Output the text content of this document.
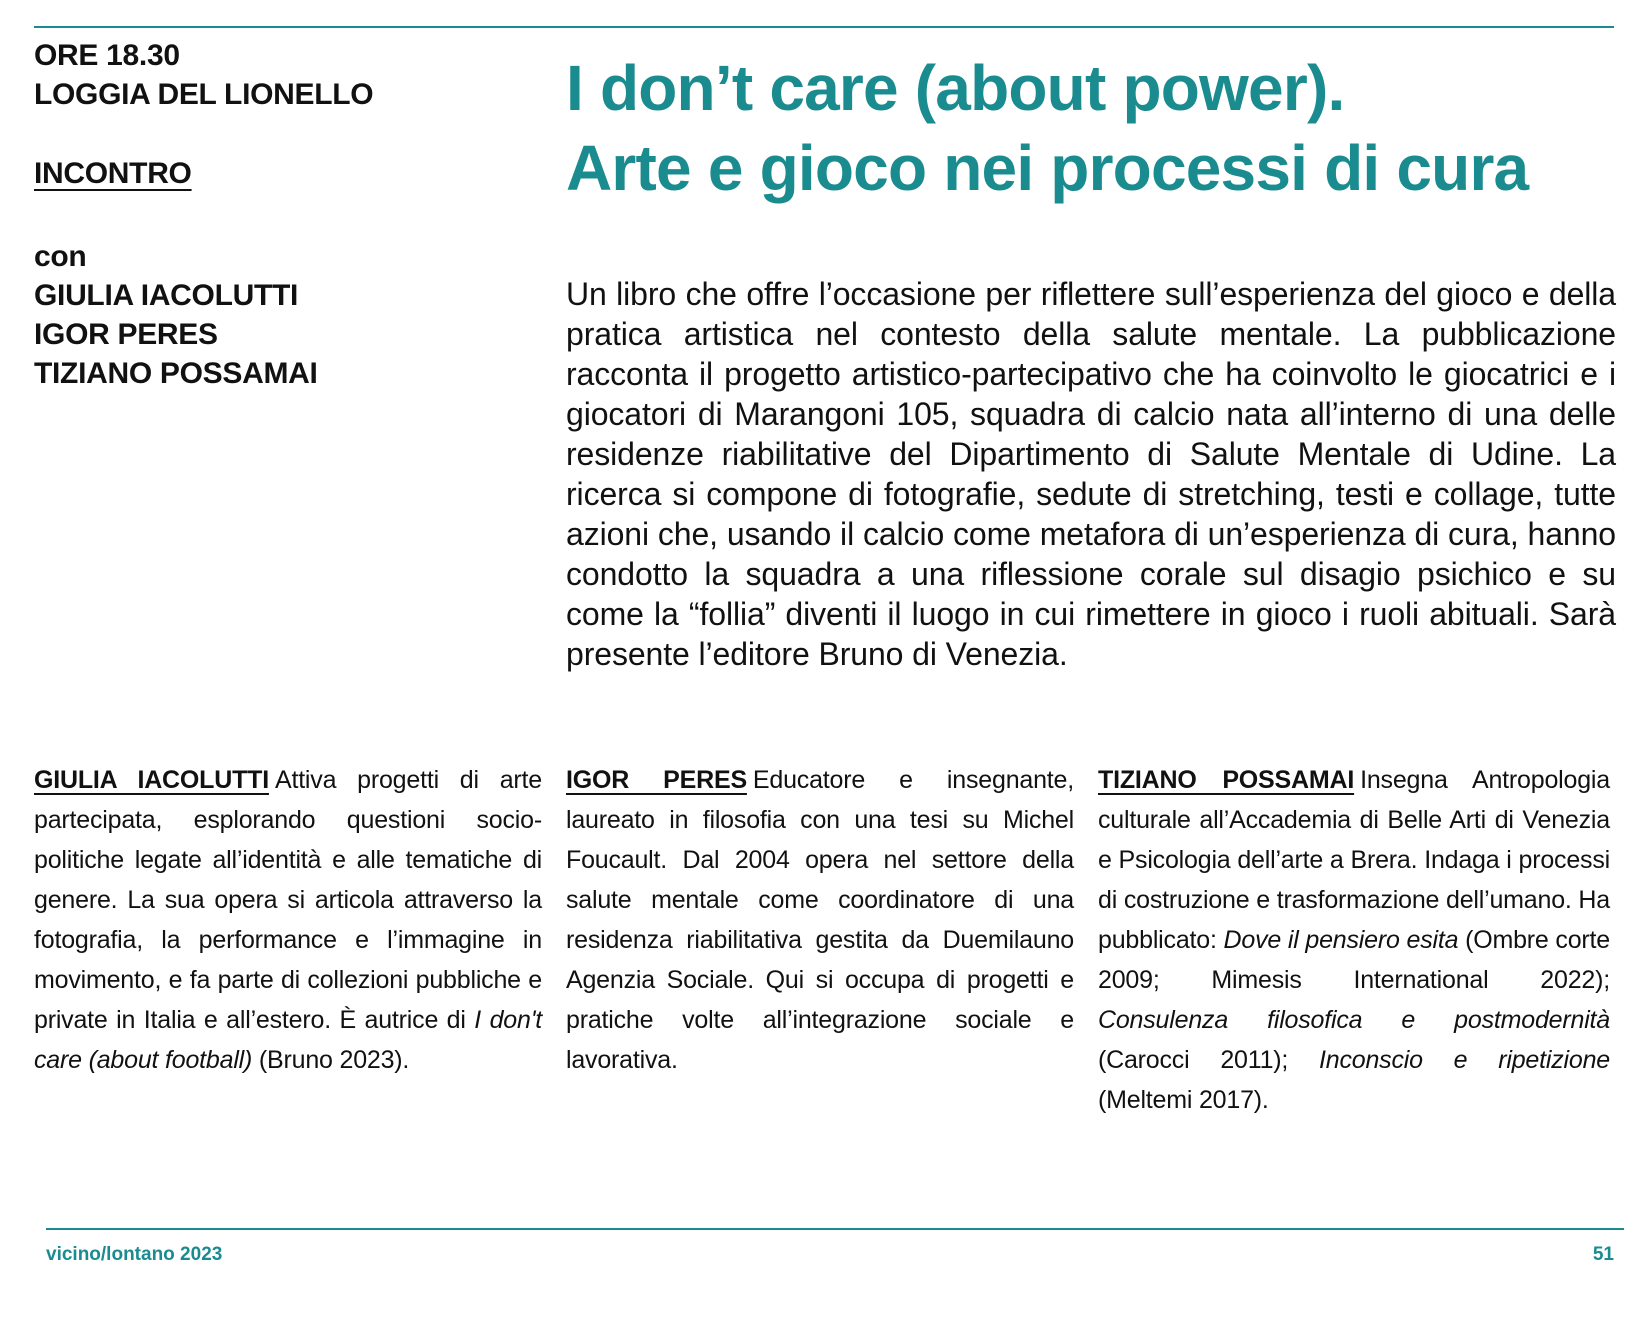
ORE 18.30
LOGGIA DEL LIONELLO
INCONTRO
con
GIULIA IACOLUTTI
IGOR PERES
TIZIANO POSSAMAI
I don’t care (about power).
Arte e gioco nei processi di cura
Un libro che offre l’occasione per riflettere sull’esperienza del gioco e della pratica artistica nel contesto della salute mentale. La pubblicazione racconta il progetto artistico-partecipativo che ha coinvolto le giocatrici e i giocatori di Marangoni 105, squadra di calcio nata all’interno di una delle residenze riabilitative del Dipartimento di Salute Mentale di Udine. La ricerca si compone di fotografie, sedute di stretching, testi e collage, tutte azioni che, usando il calcio come metafora di un’esperienza di cura, hanno condotto la squadra a una riflessione corale sul disagio psichico e su come la “follia” diventi il luogo in cui rimettere in gioco i ruoli abituali. Sarà presente l’editore Bruno di Venezia.
GIULIA IACOLUTTI Attiva progetti di arte partecipata, esplorando questioni socio-politiche legate all’identità e alle tematiche di genere. La sua opera si articola attraverso la fotografia, la performance e l’immagine in movimento, e fa parte di collezioni pubbliche e private in Italia e all’estero. È autrice di I don't care (about football) (Bruno 2023).
IGOR PERES Educatore e insegnante, laureato in filosofia con una tesi su Michel Foucault. Dal 2004 opera nel settore della salute mentale come coordinatore di una residenza riabilitativa gestita da Duemilauno Agenzia Sociale. Qui si occupa di progetti e pratiche volte all’integrazione sociale e lavorativa.
TIZIANO POSSAMAI Insegna Antropologia culturale all’Accademia di Belle Arti di Venezia e Psicologia dell’arte a Brera. Indaga i processi di costruzione e trasformazione dell’umano. Ha pubblicato: Dove il pensiero esita (Ombre corte 2009; Mimesis International 2022); Consulenza filosofica e postmodernità (Carocci 2011); Inconscio e ripetizione (Meltemi 2017).
vicino/lontano 2023	51
